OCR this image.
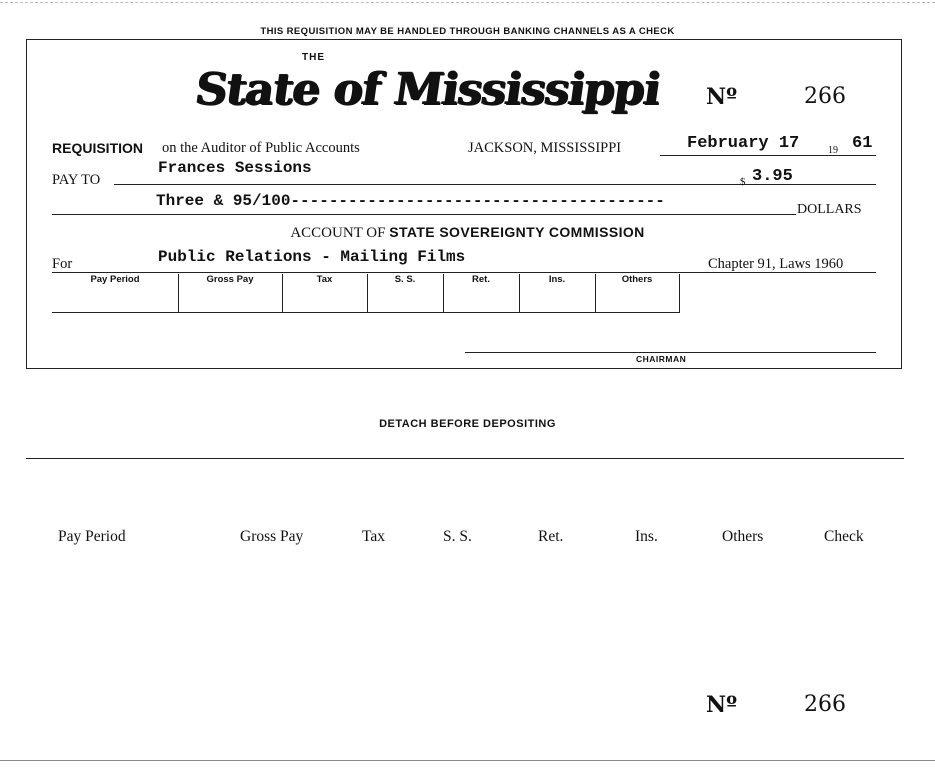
THIS REQUISITION MAY BE HANDLED THROUGH BANKING CHANNELS AS A CHECK
THE
State of Mississippi Nº	266
REQUISITION on the Auditor of Public Accounts	JACKSON, MISSISSIPPI	February 17	19 61
PAY TO
Frances Sessions
$ 3.95
Three & 95/100---------------------------------------	DOLLARS
ACCOUNT OF STATE SOVEREIGNTY COMMISSION
For	Public Relations - Mailing Films	Chapter 91, Laws 1960
Pay Period	Gross Pay	Tax	S. S.	Ret.	Ins.	Others
CHAIRMAN
DETACH BEFORE DEPOSITING
Pay Period	Gross Pay	Tax	S. S.	Ret.	Ins.	Others	Check
Nº	266
